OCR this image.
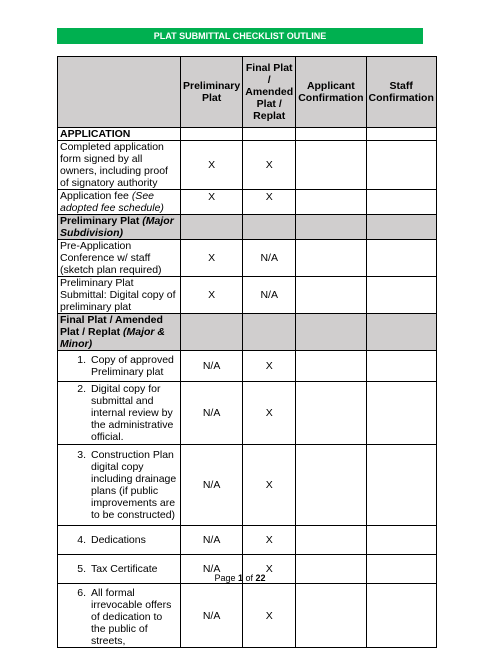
PLAT SUBMITTAL CHECKLIST OUTLINE
	Preliminary Plat	Final Plat / Amended Plat / Replat	Applicant Confirmation	Staff Confirmation
APPLICATION				
Completed application form signed by all owners, including proof of signatory authority	X	X		
Application fee (See adopted fee schedule)	X	X		
Preliminary Plat (Major Subdivision)				
Pre-Application Conference w/ staff (sketch plan required)	X	N/A		
Preliminary Plat Submittal: Digital copy of preliminary plat	X	N/A		
Final Plat / Amended Plat / Replat (Major & Minor)				

1. Copy of approved Preliminary plat	N/A	X		

2. Digital copy for submittal and internal review by the administrative official.	N/A	X		

3. Construction Plan digital copy including drainage plans (if public improvements are to be constructed)	N/A	X		

4. Dedications	N/A	X		

5. Tax Certificate	N/A	X		

6. All formal irrevocable offers of dedication to the public of streets,	N/A	X		
Page 1 of 22
